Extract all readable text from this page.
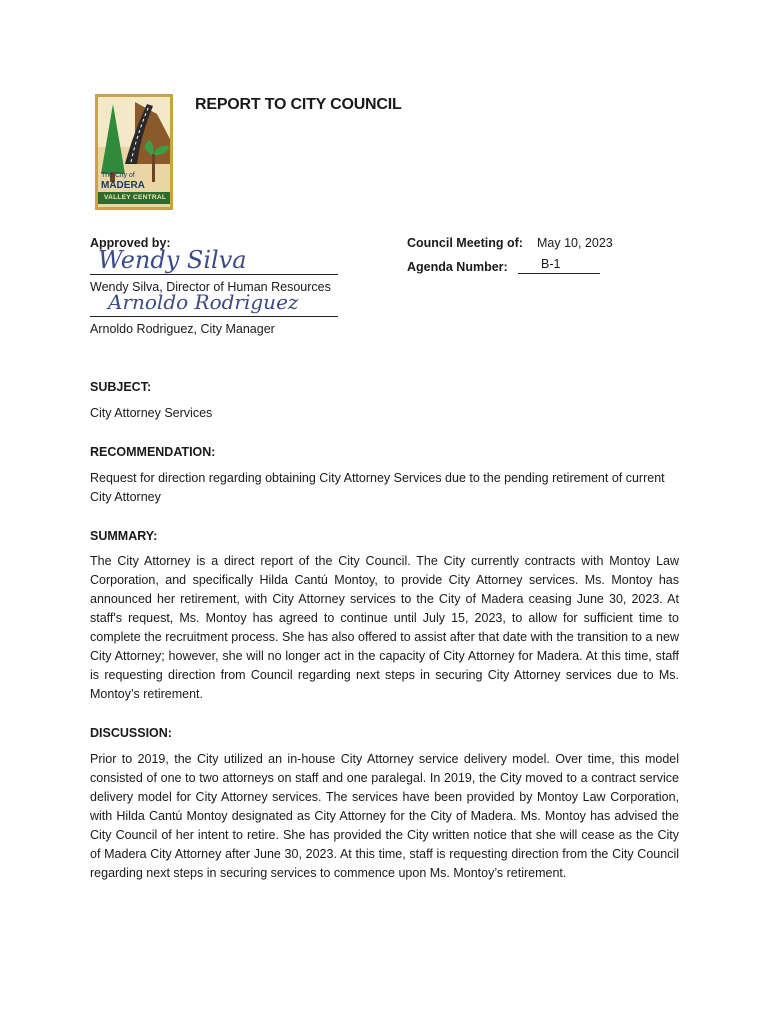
The City of
MADERA
VALLEY CENTRAL
REPORT TO CITY COUNCIL
Approved by:
Wendy Silva
Wendy Silva, Director of Human Resources
Arnoldo Rodriguez
Arnoldo Rodriguez, City Manager
Council Meeting of: May 10, 2023
Agenda Number:	B-1
SUBJECT:
City Attorney Services
RECOMMENDATION:
Request for direction regarding obtaining City Attorney Services due to the pending retirement of current City Attorney
SUMMARY:
The City Attorney is a direct report of the City Council. The City currently contracts with Montoy Law Corporation, and specifically Hilda Cantú Montoy, to provide City Attorney services. Ms. Montoy has announced her retirement, with City Attorney services to the City of Madera ceasing June 30, 2023. At staff's request, Ms. Montoy has agreed to continue until July 15, 2023, to allow for sufficient time to complete the recruitment process. She has also offered to assist after that date with the transition to a new City Attorney; however, she will no longer act in the capacity of City Attorney for Madera. At this time, staff is requesting direction from Council regarding next steps in securing City Attorney services due to Ms. Montoy’s retirement.
DISCUSSION:
Prior to 2019, the City utilized an in-house City Attorney service delivery model. Over time, this model consisted of one to two attorneys on staff and one paralegal. In 2019, the City moved to a contract service delivery model for City Attorney services. The services have been provided by Montoy Law Corporation, with Hilda Cantú Montoy designated as City Attorney for the City of Madera. Ms. Montoy has advised the City Council of her intent to retire. She has provided the City written notice that she will cease as the City of Madera City Attorney after June 30, 2023. At this time, staff is requesting direction from the City Council regarding next steps in securing services to commence upon Ms. Montoy’s retirement.
